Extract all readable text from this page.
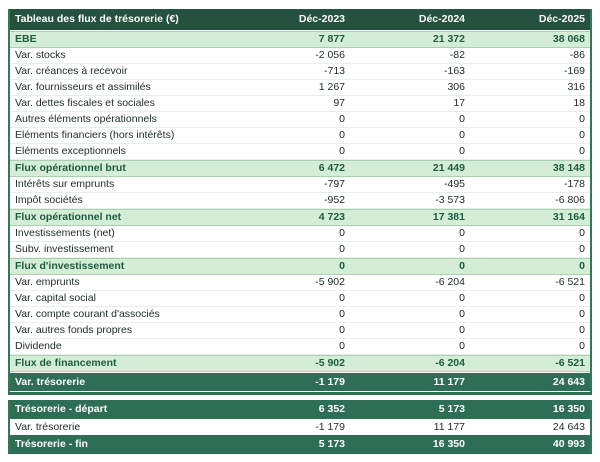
Tableau des flux de trésorerie (€)	Déc-2023	Déc-2024	Déc-2025
EBE	7 877	21 372	38 068
Var. stocks	-2 056	-82	-86
Var. créances à recevoir	-713	-163	-169
Var. fournisseurs et assimilés	1 267	306	316
Var. dettes fiscales et sociales	97	17	18
Autres éléments opérationnels	0	0	0
Eléments financiers (hors intérêts)	0	0	0
Eléments exceptionnels	0	0	0
Flux opérationnel brut	6 472	21 449	38 148
Intérêts sur emprunts	-797	-495	-178
Impôt sociétés	-952	-3 573	-6 806
Flux opérationnel net	4 723	17 381	31 164
Investissements (net)	0	0	0
Subv. investissement	0	0	0
Flux d'investissement	0	0	0
Var. emprunts	-5 902	-6 204	-6 521
Var. capital social	0	0	0
Var. compte courant d'associés	0	0	0
Var. autres fonds propres	0	0	0
Dividende	0	0	0
Flux de financement	-5 902	-6 204	-6 521
Var. trésorerie	-1 179	11 177	24 643
Trésorerie - départ	6 352	5 173	16 350
Var. trésorerie	-1 179	11 177	24 643
Trésorerie - fin	5 173	16 350	40 993
